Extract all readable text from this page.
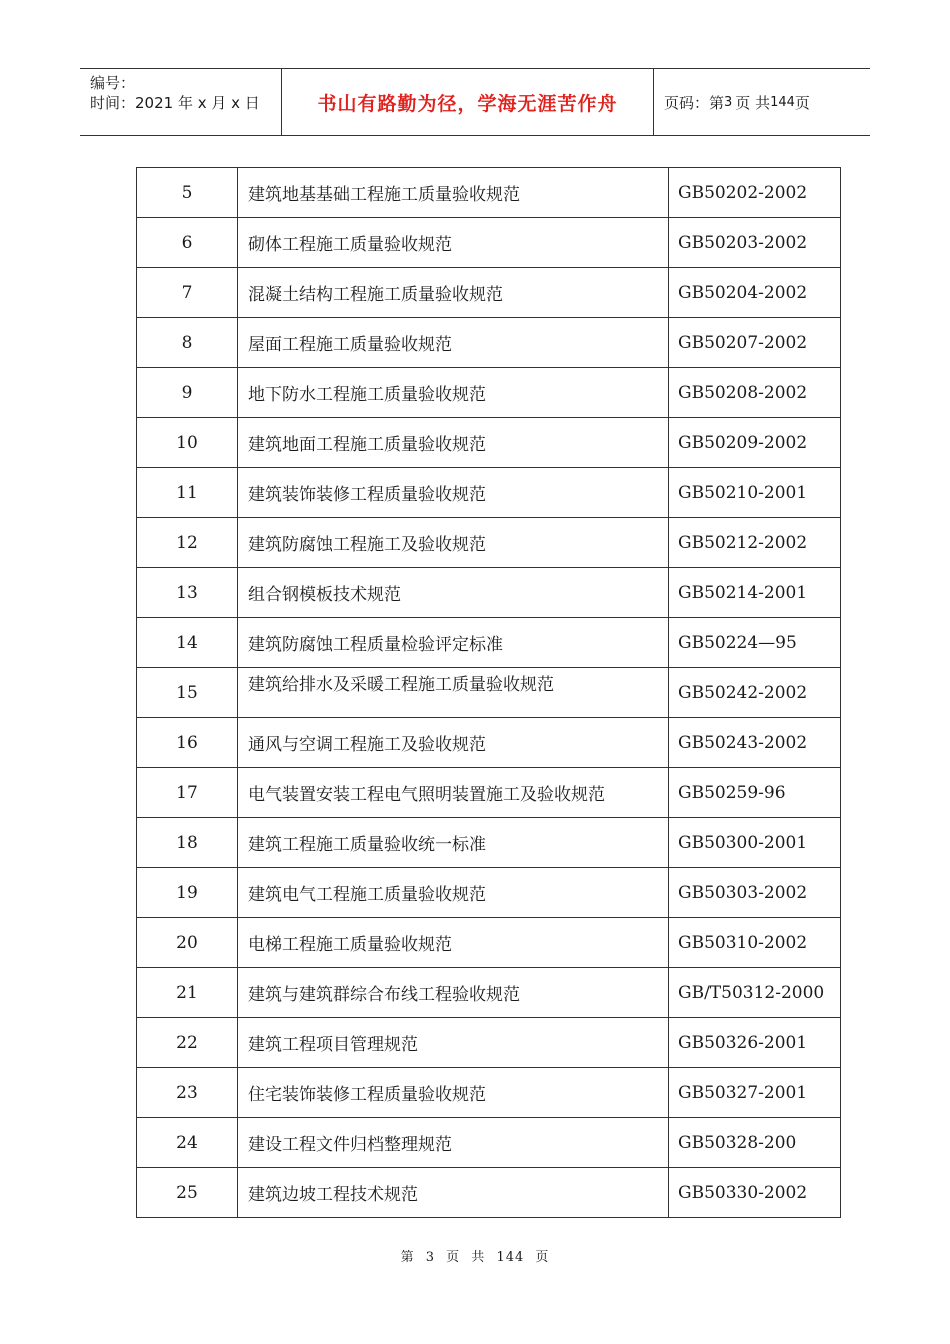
编号：
时间：2021 年 x 月 x 日	书山有路勤为径，学海无涯苦作舟	页码：第 3 页 共 144 页
5	建筑地基基础工程施工质量验收规范	GB50202-2002
6	砌体工程施工质量验收规范	GB50203-2002
7	混凝土结构工程施工质量验收规范	GB50204-2002
8	屋面工程施工质量验收规范	GB50207-2002
9	地下防水工程施工质量验收规范	GB50208-2002
10	建筑地面工程施工质量验收规范	GB50209-2002
11	建筑装饰装修工程质量验收规范	GB50210-2001
12	建筑防腐蚀工程施工及验收规范	GB50212-2002
13	组合钢模板技术规范	GB50214-2001
14	建筑防腐蚀工程质量检验评定标准	GB50224—95
15	建筑给排水及采暖工程施工质量验收规范	GB50242-2002
16	通风与空调工程施工及验收规范	GB50243-2002
17	电气装置安装工程电气照明装置施工及验收规范	GB50259-96
18	建筑工程施工质量验收统一标准	GB50300-2001
19	建筑电气工程施工质量验收规范	GB50303-2002
20	电梯工程施工质量验收规范	GB50310-2002
21	建筑与建筑群综合布线工程验收规范	GB/T50312-2000
22	建筑工程项目管理规范	GB50326-2001
23	住宅装饰装修工程质量验收规范	GB50327-2001
24	建设工程文件归档整理规范	GB50328-200
25	建筑边坡工程技术规范	GB50330-2002
第 3 页 共 144 页
